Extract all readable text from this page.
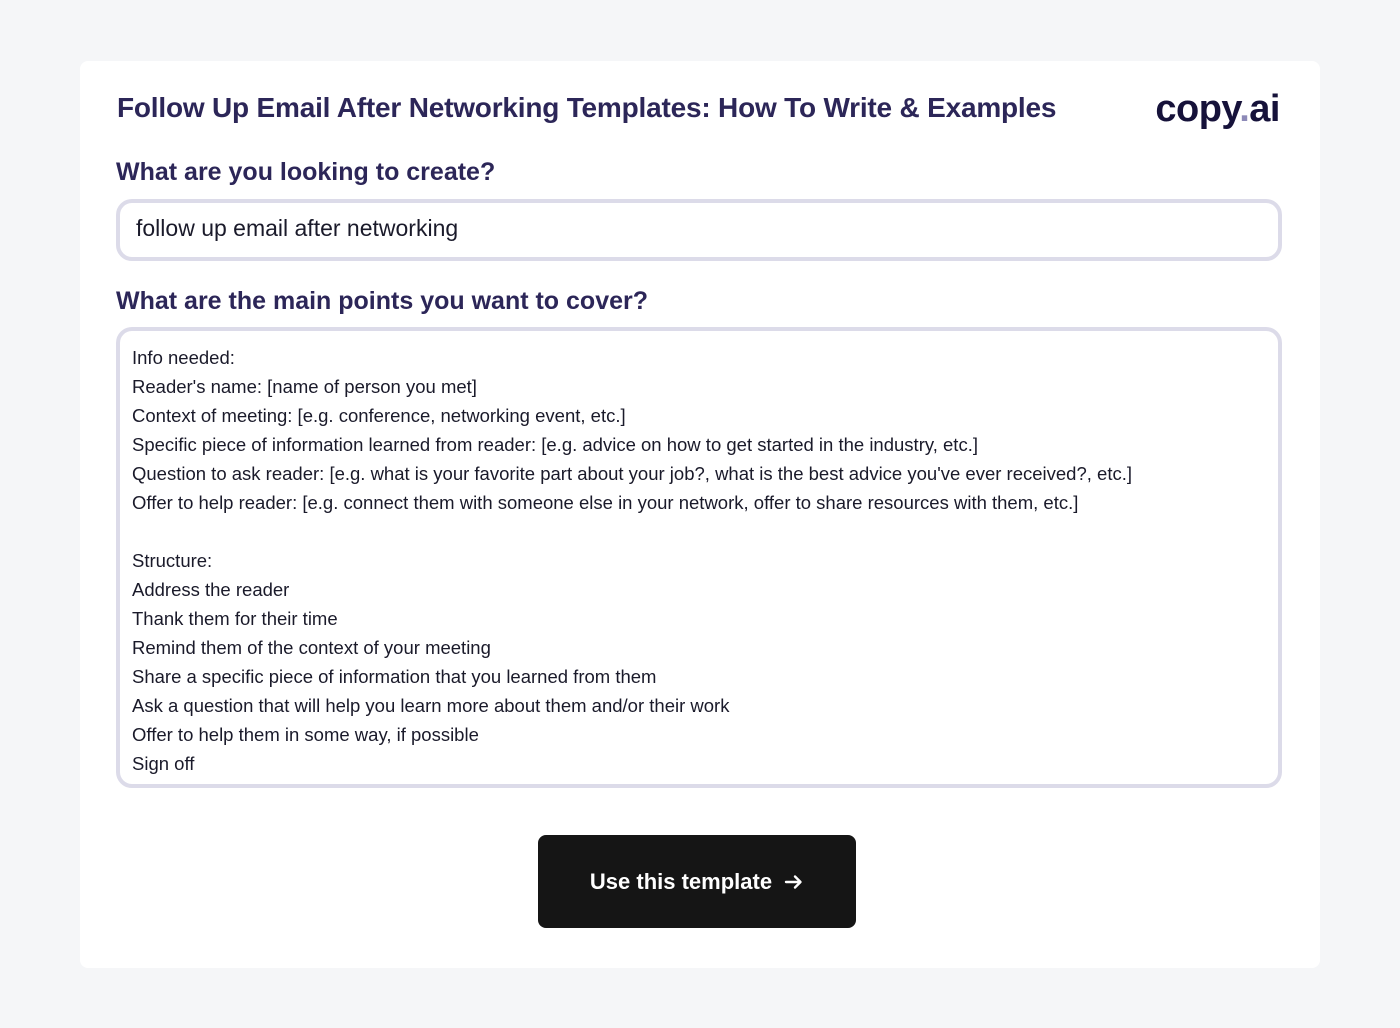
Follow Up Email After Networking Templates: How To Write & Examples	copy.ai
What are you looking to create?
follow up email after networking
What are the main points you want to cover?
Info needed:
Reader's name: [name of person you met]
Context of meeting: [e.g. conference, networking event, etc.]
Specific piece of information learned from reader: [e.g. advice on how to get started in the industry, etc.]
Question to ask reader: [e.g. what is your favorite part about your job?, what is the best advice you've ever received?, etc.]
Offer to help reader: [e.g. connect them with someone else in your network, offer to share resources with them, etc.]
Structure:
Address the reader
Thank them for their time
Remind them of the context of your meeting
Share a specific piece of information that you learned from them
Ask a question that will help you learn more about them and/or their work
Offer to help them in some way, if possible
Sign off
Use this template
